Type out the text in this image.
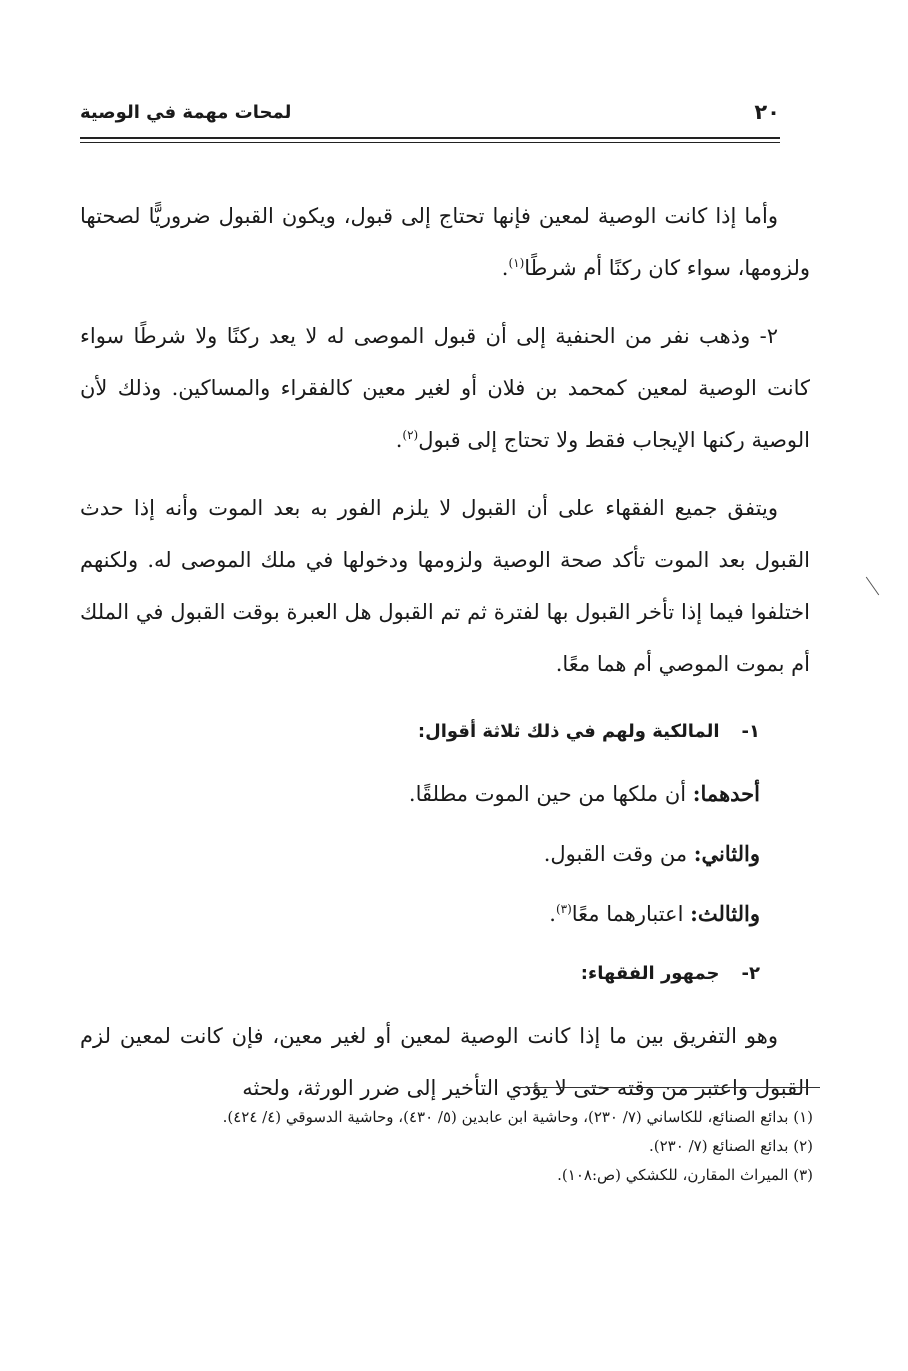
٢٠
لمحات مهمة في الوصية

وأما إذا كانت الوصية لمعين فإنها تحتاج إلى قبول، ويكون القبول ضروريًّا لصحتها ولزومها، سواء كان ركنًا أم شرطًا$^{(١)}$.

٢- وذهب نفر من الحنفية إلى أن قبول الموصى له لا يعد ركنًا ولا شرطًا سواء كانت الوصية لمعين كمحمد بن فلان أو لغير معين كالفقراء والمساكين. وذلك لأن الوصية ركنها الإيجاب فقط ولا تحتاج إلى قبول$^{(٢)}$.

ويتفق جميع الفقهاء على أن القبول لا يلزم الفور به بعد الموت وأنه إذا حدث القبول بعد الموت تأكد صحة الوصية ولزومها ودخولها في ملك الموصى له. ولكنهم اختلفوا فيما إذا تأخر القبول بها لفترة ثم تم القبول هل العبرة بوقت القبول في الملك أم بموت الموصي أم هما معًا.

١-المالكية ولهم في ذلك ثلاثة أقوال:
أحدهما: أن ملكها من حين الموت مطلقًا.
والثاني: من وقت القبول.
والثالث: اعتبارهما معًا$^{(٣)}$.
٢-جمهور الفقهاء:

وهو التفريق بين ما إذا كانت الوصية لمعين أو لغير معين، فإن كانت لمعين لزم القبول واعتبر من وقته حتى لا يؤدي التأخير إلى ضرر الورثة، ولحثه

(١) بدائع الصنائع، للكاساني (٧/ ٢٣٠)، وحاشية ابن عابدين (٥/ ٤٣٠)، وحاشية الدسوقي (٤/ ٤٢٤).
(٢) بدائع الصنائع (٧/ ٢٣٠).
(٣) الميراث المقارن، للكشكي (ص:١٠٨).
